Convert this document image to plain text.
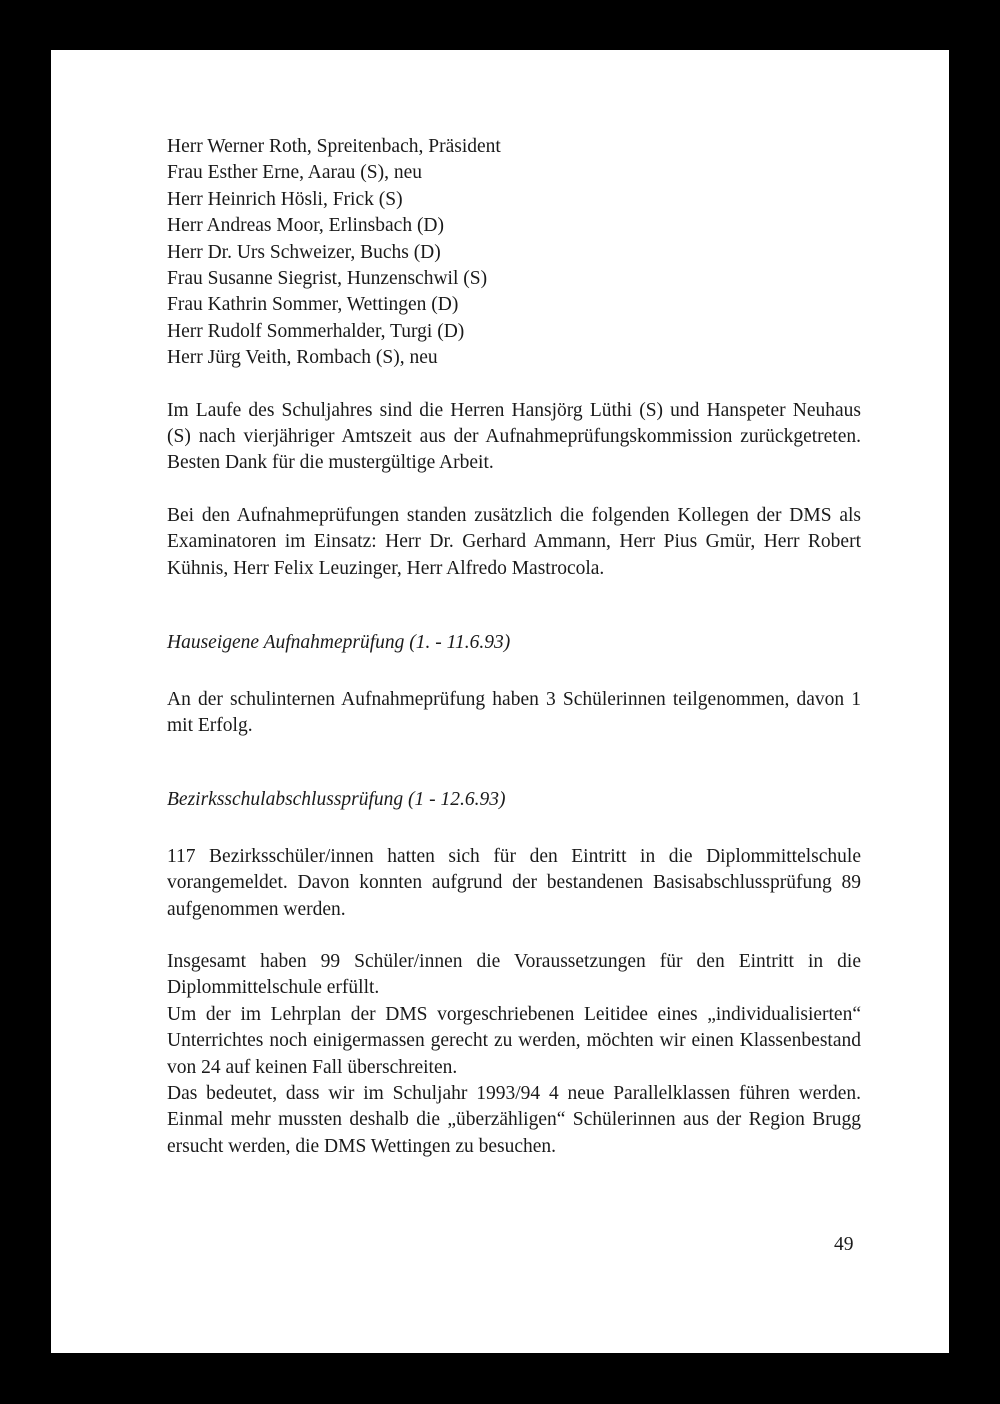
Herr Werner Roth, Spreitenbach, Präsident
Frau Esther Erne, Aarau (S), neu
Herr Heinrich Hösli, Frick (S)
Herr Andreas Moor, Erlinsbach (D)
Herr Dr. Urs Schweizer, Buchs (D)
Frau Susanne Siegrist, Hunzenschwil (S)
Frau Kathrin Sommer, Wettingen (D)
Herr Rudolf Sommerhalder, Turgi (D)
Herr Jürg Veith, Rombach (S), neu

Im Laufe des Schuljahres sind die Herren Hansjörg Lüthi (S) und Hanspeter Neuhaus (S) nach vierjähriger Amtszeit aus der Aufnahmeprüfungskommission zurückgetreten. Besten Dank für die mustergültige Arbeit.

Bei den Aufnahmeprüfungen standen zusätzlich die folgenden Kollegen der DMS als Examinatoren im Einsatz: Herr Dr. Gerhard Ammann, Herr Pius Gmür, Herr Robert Kühnis, Herr Felix Leuzinger, Herr Alfredo Mastrocola.

Hauseigene Aufnahmeprüfung (1. - 11.6.93)

An der schulinternen Aufnahmeprüfung haben 3 Schülerinnen teilgenommen, davon 1 mit Erfolg.

Bezirksschulabschlussprüfung (1 - 12.6.93)

117 Bezirksschüler/innen hatten sich für den Eintritt in die Diplommittelschule vorangemeldet. Davon konnten aufgrund der bestandenen Basisabschlussprüfung 89 aufgenommen werden.

Insgesamt haben 99 Schüler/innen die Voraussetzungen für den Eintritt in die Diplommittelschule erfüllt.

Um der im Lehrplan der DMS vorgeschriebenen Leitidee eines „individualisierten“ Unterrichtes noch einigermassen gerecht zu werden, möchten wir einen Klassenbestand von 24 auf keinen Fall überschreiten.

Das bedeutet, dass wir im Schuljahr 1993/94 4 neue Parallelklassen führen werden. Einmal mehr mussten deshalb die „überzähligen“ Schülerinnen aus der Region Brugg ersucht werden, die DMS Wettingen zu besuchen.

49
